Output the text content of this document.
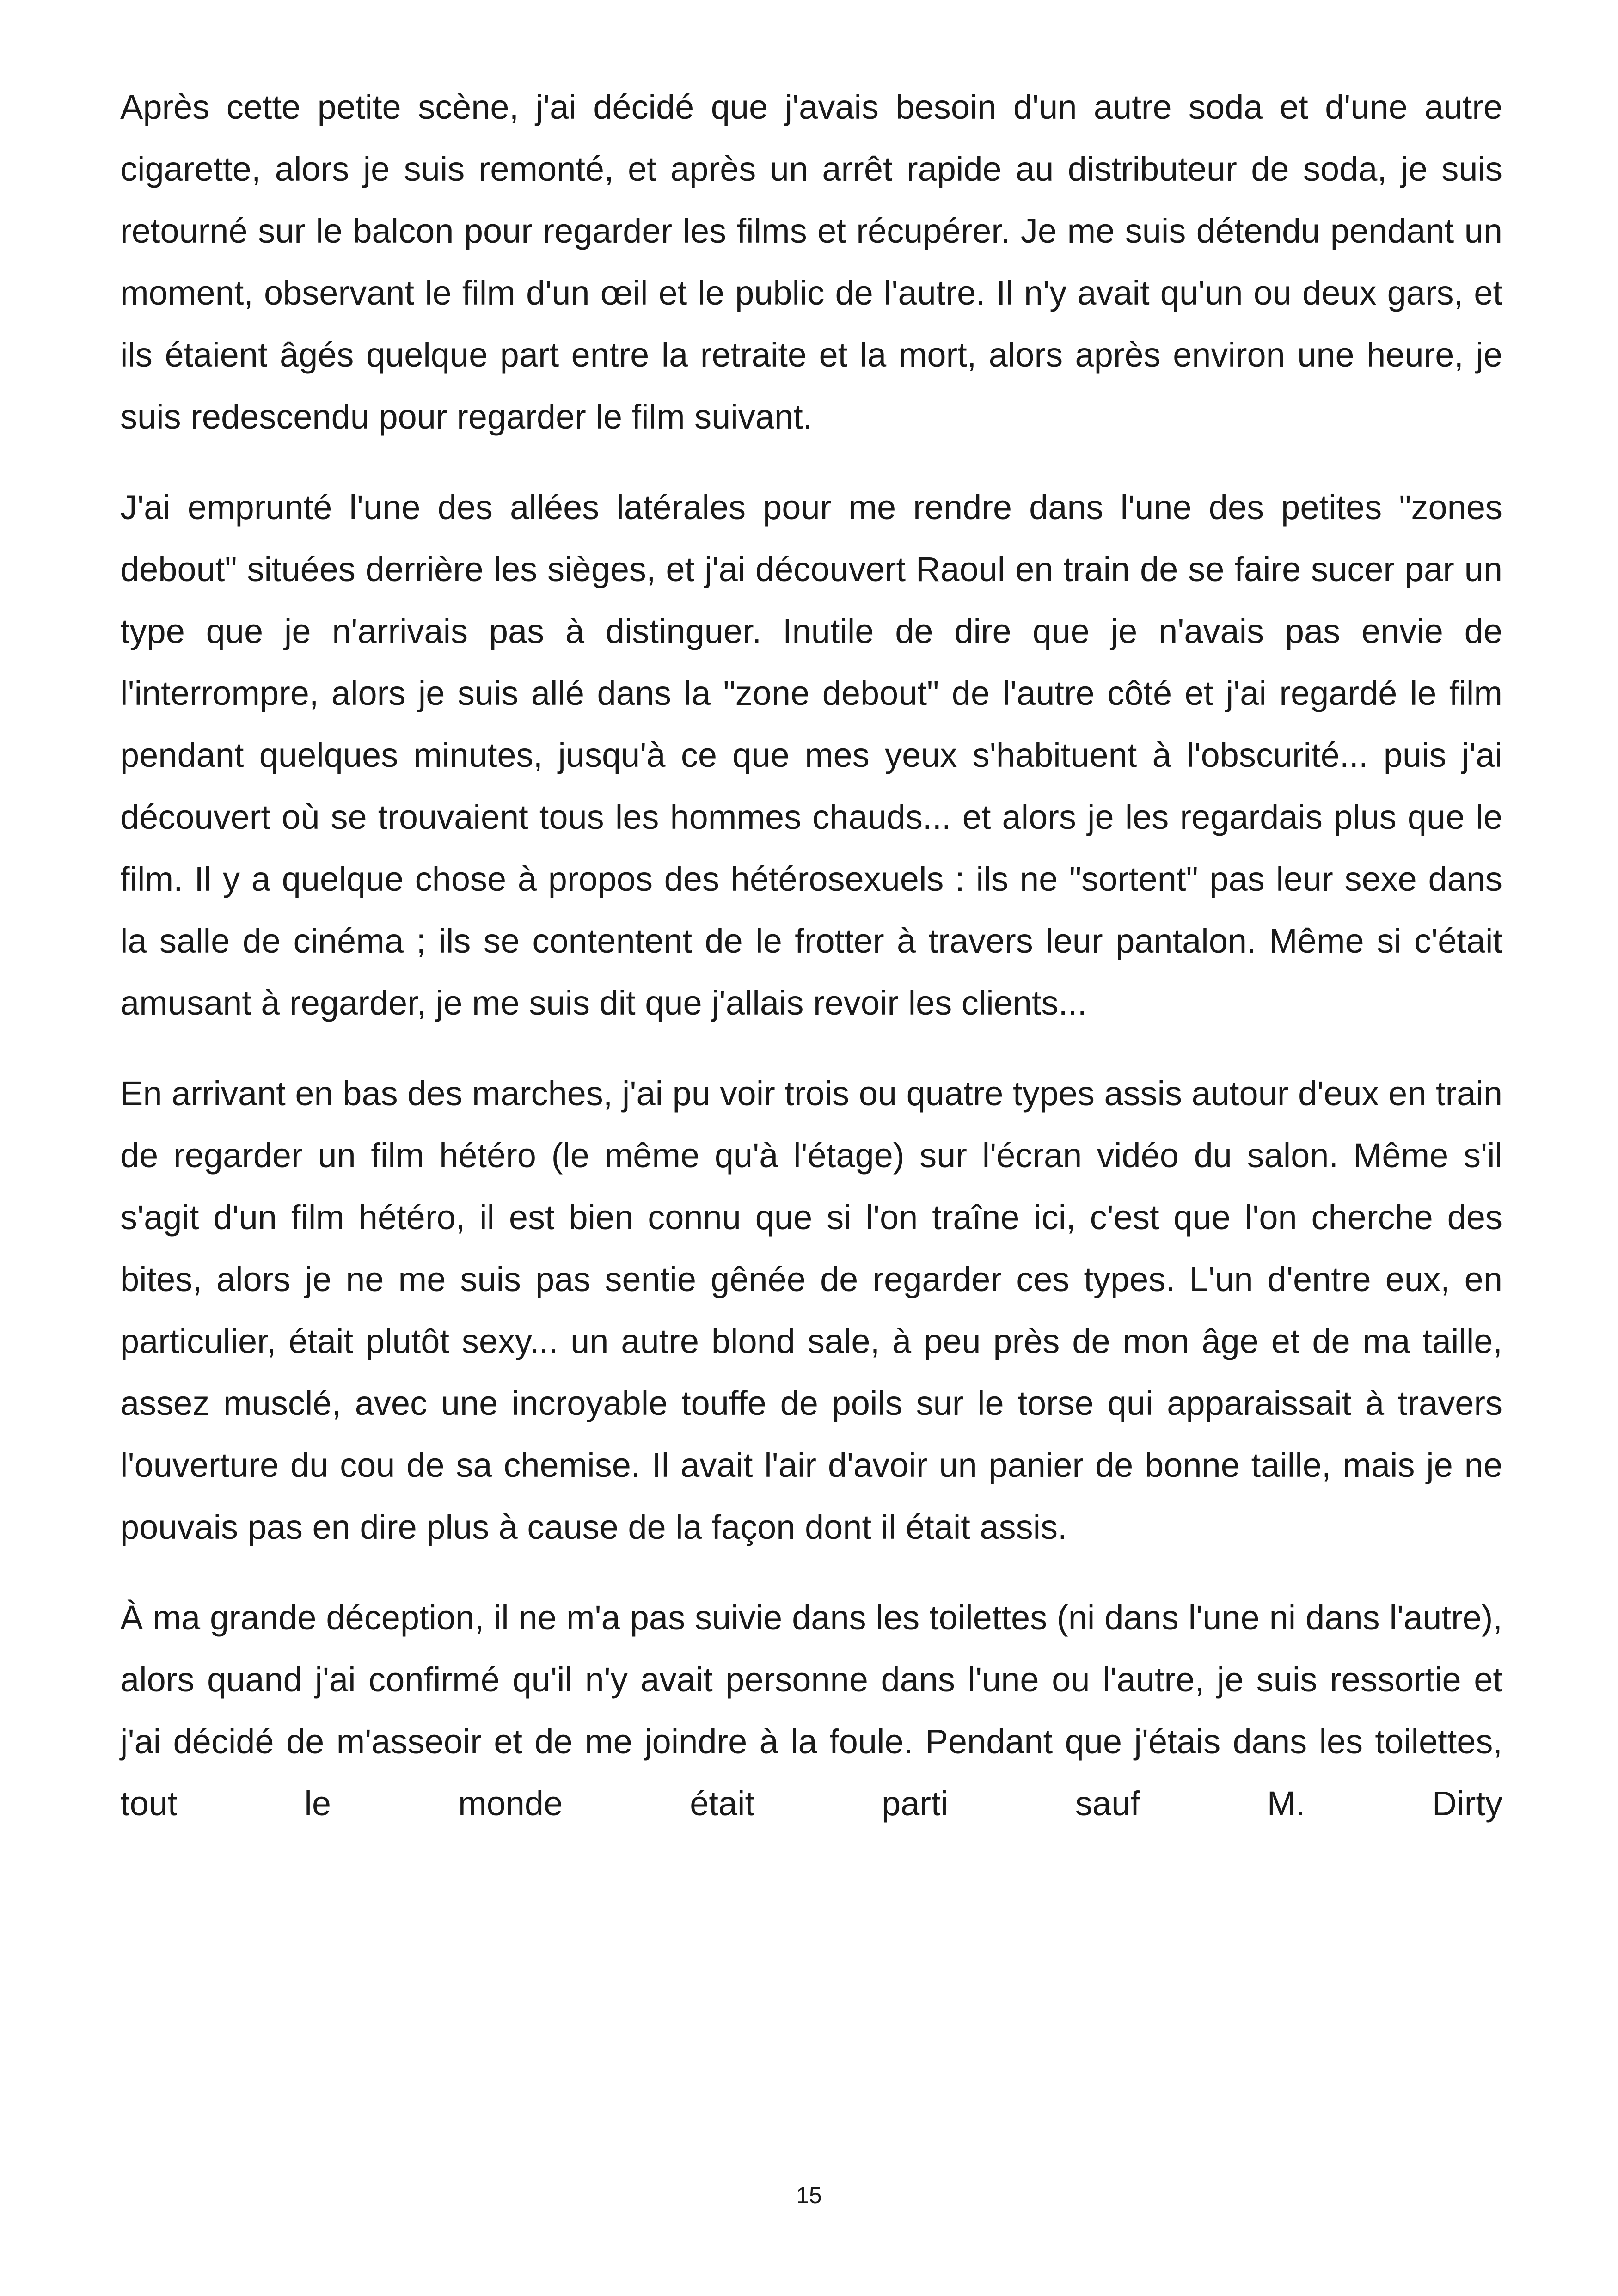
Après cette petite scène, j'ai décidé que j'avais besoin d'un autre soda et d'une autre cigarette, alors je suis remonté, et après un arrêt rapide au distributeur de soda, je suis retourné sur le balcon pour regarder les films et récupérer. Je me suis détendu pendant un moment, observant le film d'un œil et le public de l'autre. Il n'y avait qu'un ou deux gars, et ils étaient âgés quelque part entre la retraite et la mort, alors après environ une heure, je suis redescendu pour regarder le film suivant.

J'ai emprunté l'une des allées latérales pour me rendre dans l'une des petites "zones debout" situées derrière les sièges, et j'ai découvert Raoul en train de se faire sucer par un type que je n'arrivais pas à distinguer. Inutile de dire que je n'avais pas envie de l'interrompre, alors je suis allé dans la "zone debout" de l'autre côté et j'ai regardé le film pendant quelques minutes, jusqu'à ce que mes yeux s'habituent à l'obscurité... puis j'ai découvert où se trouvaient tous les hommes chauds... et alors je les regardais plus que le film. Il y a quelque chose à propos des hétérosexuels : ils ne "sortent" pas leur sexe dans la salle de cinéma ; ils se contentent de le frotter à travers leur pantalon. Même si c'était amusant à regarder, je me suis dit que j'allais revoir les clients...

En arrivant en bas des marches, j'ai pu voir trois ou quatre types assis autour d'eux en train de regarder un film hétéro (le même qu'à l'étage) sur l'écran vidéo du salon. Même s'il s'agit d'un film hétéro, il est bien connu que si l'on traîne ici, c'est que l'on cherche des bites, alors je ne me suis pas sentie gênée de regarder ces types. L'un d'entre eux, en particulier, était plutôt sexy... un autre blond sale, à peu près de mon âge et de ma taille, assez musclé, avec une incroyable touffe de poils sur le torse qui apparaissait à travers l'ouverture du cou de sa chemise. Il avait l'air d'avoir un panier de bonne taille, mais je ne pouvais pas en dire plus à cause de la façon dont il était assis.

À ma grande déception, il ne m'a pas suivie dans les toilettes (ni dans l'une ni dans l'autre), alors quand j'ai confirmé qu'il n'y avait personne dans l'une ou l'autre, je suis ressortie et j'ai décidé de m'asseoir et de me joindre à la foule. Pendant que j'étais dans les toilettes, tout le monde était parti sauf M. Dirty

15
